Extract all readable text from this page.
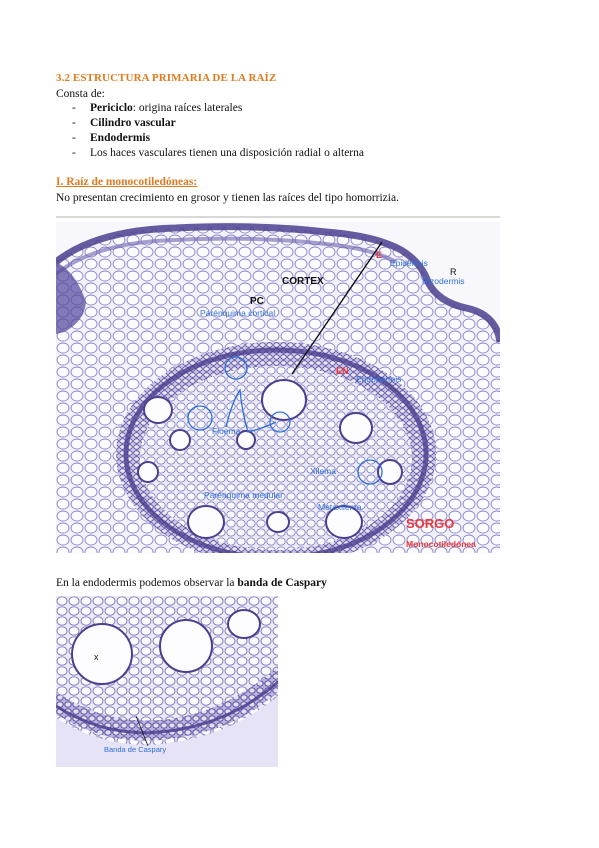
3.2 ESTRUCTURA PRIMARIA DE LA RAÍZ
Consta de:
- Periciclo: origina raíces laterales
- Cilindro vascular
- Endodermis
- Los haces vasculares tienen una disposición radial o alterna
I. Raíz de monocotiledóneas:
No presentan crecimiento en grosor y tienen las raíces del tipo homorrizia.
CORTEX
PC
Parénquima cortical
E
Epidermis
R
Rizodermis
EN
Endodermis
Floema
Xilema
Parénquima medular
Metaxilema
SORGO
Monocotiledónea
En la endodermis podemos observar la banda de Caspary
x
Banda de Caspary
